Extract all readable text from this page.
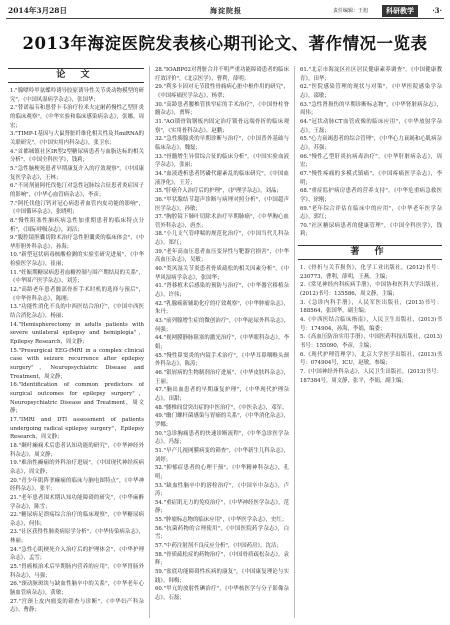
2014年3月28日	海淀院报	责任编辑：王旭	科研教学	·3·
2013年海淀医院发表核心期刊论文、著作情况一览表
论 文

1."腺嘌呤甲氨蝶呤诱导胶原诱导性关节炎动物模型的研究"，《中国风湿病学杂志》，张国华；

2."替诺福韦和恩替卡韦治疗拉米夫定耐药慢性乙型肝炎的临床观察"，《中华实验和临床感染病杂志》，张娜，周宏；

3."TIMP-1基因与大鼠肾脏纤维化相关性及其miRNA的关联研究"，《中国实用内科杂志》，张卫东；

4."首都城镇社区IR型2型糖尿病患者与血脂达标的相关分析"，《中国全科医学》，钱莉；

5."急性脑梗死患者早期康复介入的疗效观察"，《中国康复医学杂志》，王林；

6."不同剂量阿托伐他汀对急性冠脉综合征患者炎症因子的影响"，《中华心血管病杂志》，李彦；

7."阿托伐他汀钙对冠心病患者血管内皮功能的影响"，《中国循环杂志》，张晓明；

8."慢性阻塞性肺疾病急性加重期患者的临床特点分析"，《国际呼吸杂志》，刘洁；

9."腹腔镜胆囊切除术治疗急性胆囊炎的临床体会"，《中华肝胆外科杂志》，孙海；

10."新型冠状病毒核酸检测的实验室研究进展"，《中华检验医学杂志》，崔丽；

11."妊娠期糖尿病患者血糖控制与围产期结局的关系"，《中华围产医学杂志》，刘芳；

12."高龄老年患者髋部骨折手术时机的选择与预后"，《中华骨科杂志》，陈刚；

13."功能性消化不良的中西医结合治疗"，《中国中西医结合消化杂志》，杨丽；

14."Hemispherectomy in adults patients with severe unilateral epilepsy and hemiplegia"，Epilepsy Research，周文静；

15."Presurgical EEG-fMRI in a complex clinical case with seizure recurrence after epilepsy surgery"，Neuropsychiatric Disease and Treatment，周文静；

16."Identification of common predictors of surgical outcomes for epilepsy surgery"，Neuropsychiatric Disease and Treatment，周文静；

17."IMRI and DTI assessment of patients undergoing radical epilepsy surgery"，Epilepsy Research，周文静；

18."颞叶癫痫术后患者认知功能的研究"，《中华神经外科杂志》，周文静；

19."难治性癫痫的外科治疗进展"，《中国现代神经疾病杂志》，周文静；

20."青少年肌阵挛癫痫的临床与脑电图特点"，《中华神经科杂志》，张平；

21."老年患者围术期认知功能障碍的研究"，《中华麻醉学杂志》，陈雪；

22."糖尿病足溃疡综合治疗的临床观察"，《中华糖尿病杂志》，何伟；

23."社区获得性肺炎病原学分析"，《中华传染病杂志》，林丽；

24."急性心肌梗死介入治疗后的护理体会"，《中华护理杂志》，孟雪；

25."胃癌根治术后早期肠内营养的应用"，《中华胃肠外科杂志》，马强；

26."颈动脉斑块与缺血性脑卒中的关系"，《中华老年心脑血管病杂志》，黄敏；

27."宫颈上皮内瘤变的筛查与诊断"，《中华妇产科杂志》，曹静；

28."IOABP02对肾脏合并不明严重功能障碍患者的临床疗效评价"，《北京医学》，曹利，薛明；

29."利多卡因对无节段性骨痛病心脏中枢作用的研究"，《中国疼痛医学杂志》，杨翠；

30."高龄患者腰椎管狭窄症的手术治疗"，《中国脊柱脊髓杂志》，贾辉；

31."AO锁骨钩钢板内固定治疗锁骨远端骨折的临床观察"，《实用骨科杂志》，赵鹏；

32."急性胰腺炎的早期诊断与治疗"，《中国普外基础与临床杂志》，魏磊；

33."骨髓增生异常综合征的临床分析"，《中国实验血液学杂志》，张丽；

34."血液透析患者钙磷代谢紊乱的临床研究"，《中国血液净化》，王芳；

35."肝癌介入治疗后的护理"，《护理学杂志》，刘晶；

36."甲状腺结节超声诊断与病理对照分析"，《中国超声医学杂志》，孙敏；

37."胸腔镜下肺叶切除术治疗早期肺癌"，《中华胸心血管外科杂志》，唐杰；

38."小儿支气管哮喘的规范化治疗"，《中国当代儿科杂志》，郑红；

39."老年高血压患者血压变异性与靶器官损害"，《中华高血压杂志》，吴敏；

40."类风湿关节炎患者骨质疏松的相关因素分析"，《中华风湿病学杂志》，张国华；

41."肾移植术后感染的预防与治疗"，《中华器官移植杂志》，许伟；

42."乳腺癌新辅助化疗的疗效观察"，《中华肿瘤杂志》，朱丹；

43."前列腺增生症的微创治疗"，《中华泌尿外科杂志》，何强；

44."视网膜静脉阻塞的激光治疗"，《中华眼科杂志》，李娟；

45."慢性鼻窦炎的内镜手术治疗"，《中华耳鼻咽喉头颈外科杂志》，陈涛；

46."银屑病的生物制剂治疗进展"，《中华皮肤科杂志》，王丽；

47."脑出血患者的早期康复护理"，《中华现代护理杂志》，田甜；

48."腰椎间盘突出症的中医治疗"，《中医杂志》，邓军；

49."幽门螺杆菌感染与胃癌的关系"，《中华消化杂志》，罗娜；

50."急诊胸痛患者的快速诊断流程"，《中华急诊医学杂志》，冯磊；

51."早产儿视网膜病变的筛查"，《中华新生儿科杂志》，刘婷；

52."抑郁症患者的心理干预"，《中华精神科杂志》，孔明；

53."缺血性脑卒中的溶栓治疗"，《中国卒中杂志》，卢涛；

54."重症肌无力的免疫治疗"，《中华神经医学杂志》，范静；

55."肿瘤标志物的临床应用"，《中华医学杂志》，史红；

56."抗菌药物的合理使用"，《中国医院药学杂志》，白雪；

57."中药注射剂不良反应分析"，《中国药房》，沈洁；

58."骨质疏松症的药物治疗"，《中国骨质疏松杂志》，袁辉；

59."盆底功能障碍性疾病的康复"，《中国康复理论与实践》，韩梅；

60."甲亢的放射性碘治疗"，《中华核医学与分子影像杂志》，石磊；

61."北京市海淀区社区居民健康素养调查"，《中国健康教育》，田华；

62."医院感染管理的现状与对策"，《中华医院感染学杂志》，邵敏；

63."急性肾损伤的早期诊断标志物"，《中华肾脏病杂志》，周伟；

64."冠状动脉CT血管成像的临床应用"，《中华放射学杂志》，王磊；

65."心力衰竭患者的综合管理"，《中华心力衰竭和心肌病杂志》，苏强；

66."慢性乙型肝炎抗病毒治疗"，《中华肝脏病杂志》，周宏；

67."慢性疼痛的多模式镇痛"，《中国疼痛医学杂志》，李明；

68."重症监护病房患者的营养支持"，《中华危重病急救医学》，徐刚；

69."老年综合评估在临床中的应用"，《中华老年医学杂志》，郭红；

70."社区糖尿病患者的健康管理"，《中国全科医学》，钱莉；

著 作

1.《骨折与关节损伤》，化学工业出版社，(2012)书号：230773，曹利，薛明，王燕，主编；

2.《常见神经内科疾病手册》，中国协和医科大学出版社，(2012)书号：135586，周文静，主编；

3.《急诊内科手册》，人民军医出版社，(2013)书号：188564，张国华，副主编；

4.《中西医结合临床指南》，人民卫生出版社，(2013)书号：174904，孙海，李娟，编委；

5.《高血压防治实用手册》，中国医药科技出版社，(2013)书号：155090，李彦，主编；

6.《现代护理管理学》，北京大学医学出版社，(2013)书号：074904号，ICU，赵敏，参编；

7.《中国神经外科杂志》，人民卫生出版社，(2013)书号：187384号，周文静，张平，李娟，副主编；
